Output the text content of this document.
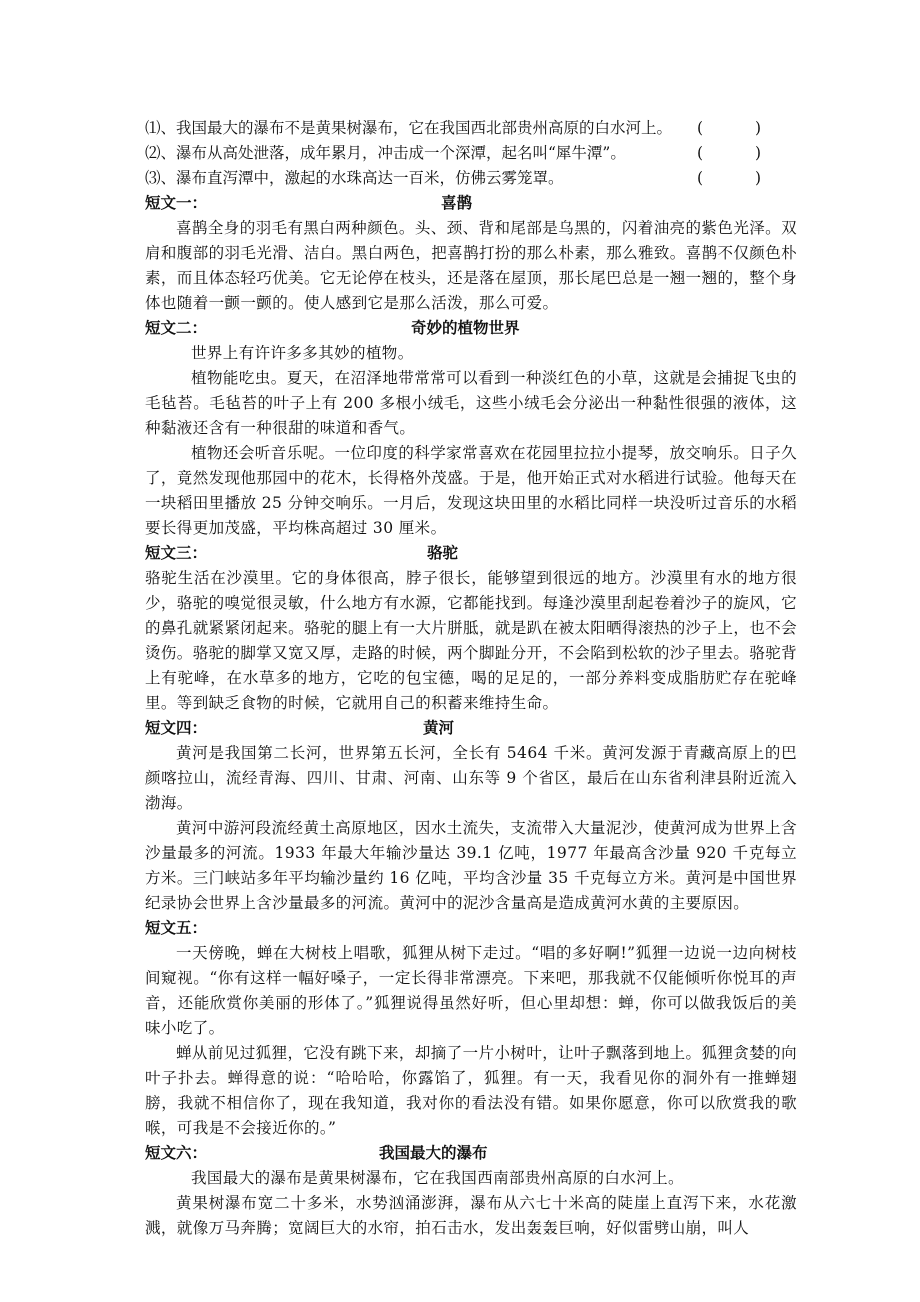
⑴、我国最大的瀑布不是黄果树瀑布，它在我国西北部贵州高原的白水河上。 (	)
⑵、瀑布从高处泄落，成年累月，冲击成一个深潭，起名叫“犀牛潭”。	(	)
⑶、瀑布直泻潭中，激起的水珠高达一百米，仿佛云雾笼罩。	(	)
短文一：	喜鹊

喜鹊全身的羽毛有黑白两种颜色。头、颈、背和尾部是乌黑的，闪着油亮的紫色光泽。双肩和腹部的羽毛光滑、洁白。黑白两色，把喜鹊打扮的那么朴素，那么雅致。喜鹊不仅颜色朴素，而且体态轻巧优美。它无论停在枝头，还是落在屋顶，那长尾巴总是一翘一翘的，整个身体也随着一颤一颤的。使人感到它是那么活泼，那么可爱。

短文二：	奇妙的植物世界

世界上有许许多多其妙的植物。

植物能吃虫。夏天，在沼泽地带常常可以看到一种淡红色的小草，这就是会捕捉飞虫的毛毡苔。毛毡苔的叶子上有 200 多根小绒毛，这些小绒毛会分泌出一种黏性很强的液体，这种黏液还含有一种很甜的味道和香气。

植物还会听音乐呢。一位印度的科学家常喜欢在花园里拉拉小提琴，放交响乐。日子久了，竟然发现他那园中的花木，长得格外茂盛。于是，他开始正式对水稻进行试验。他每天在一块稻田里播放 25 分钟交响乐。一月后，发现这块田里的水稻比同样一块没听过音乐的水稻要长得更加茂盛，平均株高超过 30 厘米。

短文三：	骆驼

骆驼生活在沙漠里。它的身体很高，脖子很长，能够望到很远的地方。沙漠里有水的地方很少，骆驼的嗅觉很灵敏，什么地方有水源，它都能找到。每逢沙漠里刮起卷着沙子的旋风，它的鼻孔就紧紧闭起来。骆驼的腿上有一大片胼胝，就是趴在被太阳晒得滚热的沙子上，也不会烫伤。骆驼的脚掌又宽又厚，走路的时候，两个脚趾分开，不会陷到松软的沙子里去。骆驼背上有驼峰，在水草多的地方，它吃的包宝德，喝的足足的，一部分养料变成脂肪贮存在驼峰里。等到缺乏食物的时候，它就用自己的积蓄来维持生命。

短文四：	黄河

黄河是我国第二长河，世界第五长河，全长有 5464 千米。黄河发源于青藏高原上的巴颜喀拉山，流经青海、四川、甘肃、河南、山东等 9 个省区，最后在山东省利津县附近流入渤海。

黄河中游河段流经黄土高原地区，因水土流失，支流带入大量泥沙，使黄河成为世界上含沙量最多的河流。1933 年最大年输沙量达 39.1 亿吨，1977 年最高含沙量 920 千克每立方米。三门峡站多年平均输沙量约 16 亿吨，平均含沙量 35 千克每立方米。黄河是中国世界纪录协会世界上含沙量最多的河流。黄河中的泥沙含量高是造成黄河水黄的主要原因。

短文五：

一天傍晚，蝉在大树枝上唱歌，狐狸从树下走过。“唱的多好啊!”狐狸一边说一边向树枝间窥视。“你有这样一幅好嗓子，一定长得非常漂亮。下来吧，那我就不仅能倾听你悦耳的声音，还能欣赏你美丽的形体了。”狐狸说得虽然好听，但心里却想：蝉，你可以做我饭后的美味小吃了。

蝉从前见过狐狸，它没有跳下来，却摘了一片小树叶，让叶子飘落到地上。狐狸贪婪的向叶子扑去。蝉得意的说：“哈哈哈，你露馅了，狐狸。有一天，我看见你的洞外有一推蝉翅膀，我就不相信你了，现在我知道，我对你的看法没有错。如果你愿意，你可以欣赏我的歌喉，可我是不会接近你的。”

短文六：	我国最大的瀑布

我国最大的瀑布是黄果树瀑布，它在我国西南部贵州高原的白水河上。

黄果树瀑布宽二十多米，水势汹涌澎湃，瀑布从六七十米高的陡崖上直泻下来，水花激溅，就像万马奔腾；宽阔巨大的水帘，拍石击水，发出轰轰巨响，好似雷劈山崩，叫人
